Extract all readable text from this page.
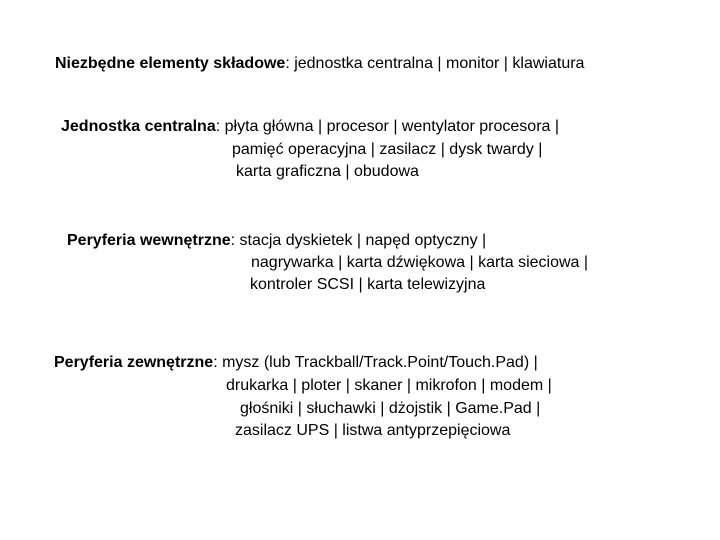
Niezbędne elementy składowe: jednostka centralna | monitor | klawiatura
Jednostka centralna: płyta główna | procesor | wentylator procesora |
pamięć operacyjna | zasilacz | dysk twardy |
karta graficzna | obudowa
Peryferia wewnętrzne: stacja dyskietek | napęd optyczny |
nagrywarka | karta dźwiękowa | karta sieciowa |
kontroler SCSI | karta telewizyjna
Peryferia zewnętrzne: mysz (lub Trackball/Track.Point/Touch.Pad) |
drukarka | ploter | skaner | mikrofon | modem |
głośniki | słuchawki | dżojstik | Game.Pad |
zasilacz UPS | listwa antyprzepięciowa
